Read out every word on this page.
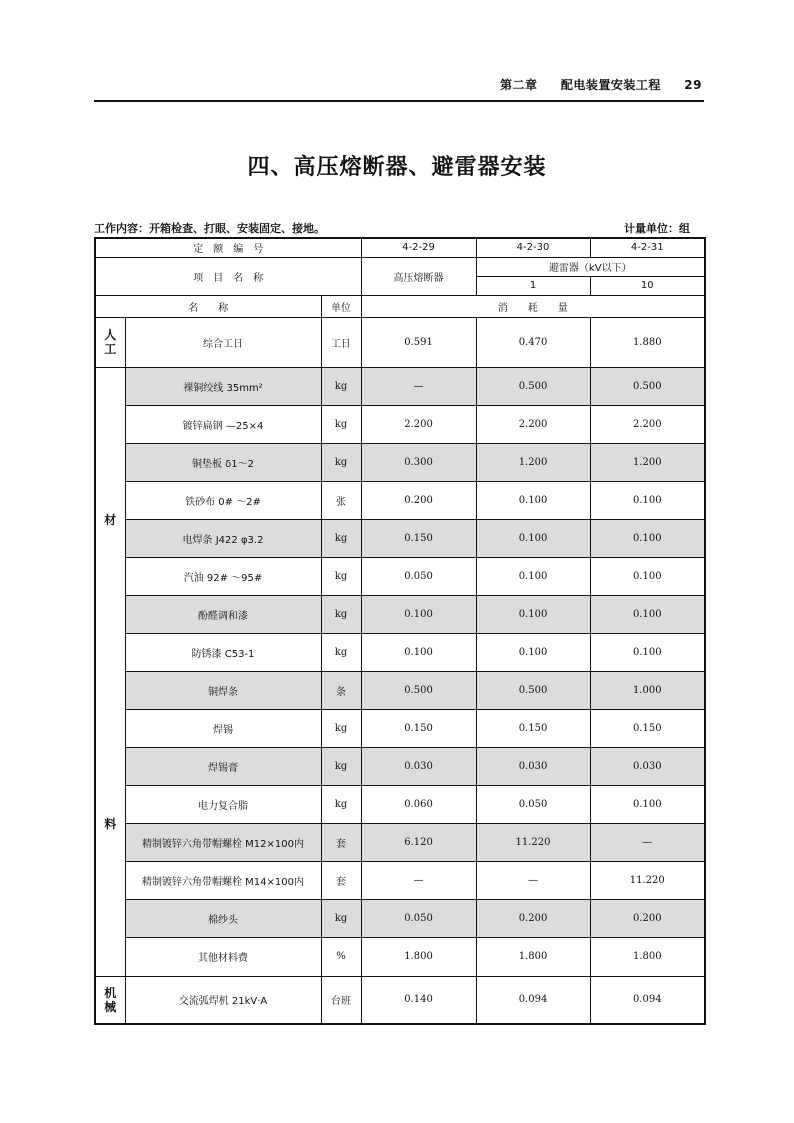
第二章 配电装置安装工程 29
四、高压熔断器、避雷器安装
工作内容：开箱检查、打眼、安装固定、接地。	计量单位：组
定　额　编　号			4-2-29	4-2-30	4-2-31
项　目　名　称			高压熔断器	避雷器（kV以下）	
				1	10
名　　称		单位	消　　耗　　量		

人
工	综合工日	工日	0.591	0.470	1.880

材
料	裸铜绞线 35mm²	kg	—	0.500	0.500
	镀锌扁钢 —25×4	kg	2.200	2.200	2.200
	铜垫板 δ1～2	kg	0.300	1.200	1.200
	铁砂布 0# ～2#	张	0.200	0.100	0.100
	电焊条 J422 φ3.2	kg	0.150	0.100	0.100
	汽油 92# ～95#	kg	0.050	0.100	0.100
	酚醛调和漆	kg	0.100	0.100	0.100
	防锈漆 C53-1	kg	0.100	0.100	0.100
	铜焊条	条	0.500	0.500	1.000
	焊锡	kg	0.150	0.150	0.150
	焊锡膏	kg	0.030	0.030	0.030
	电力复合脂	kg	0.060	0.050	0.100
	精制镀锌六角带帽螺栓 M12×100内	套	6.120	11.220	—
	精制镀锌六角带帽螺栓 M14×100内	套	—	—	11.220
	棉纱头	kg	0.050	0.200	0.200
	其他材料费	%	1.800	1.800	1.800

机
械	交流弧焊机 21kV·A	台班	0.140	0.094	0.094
